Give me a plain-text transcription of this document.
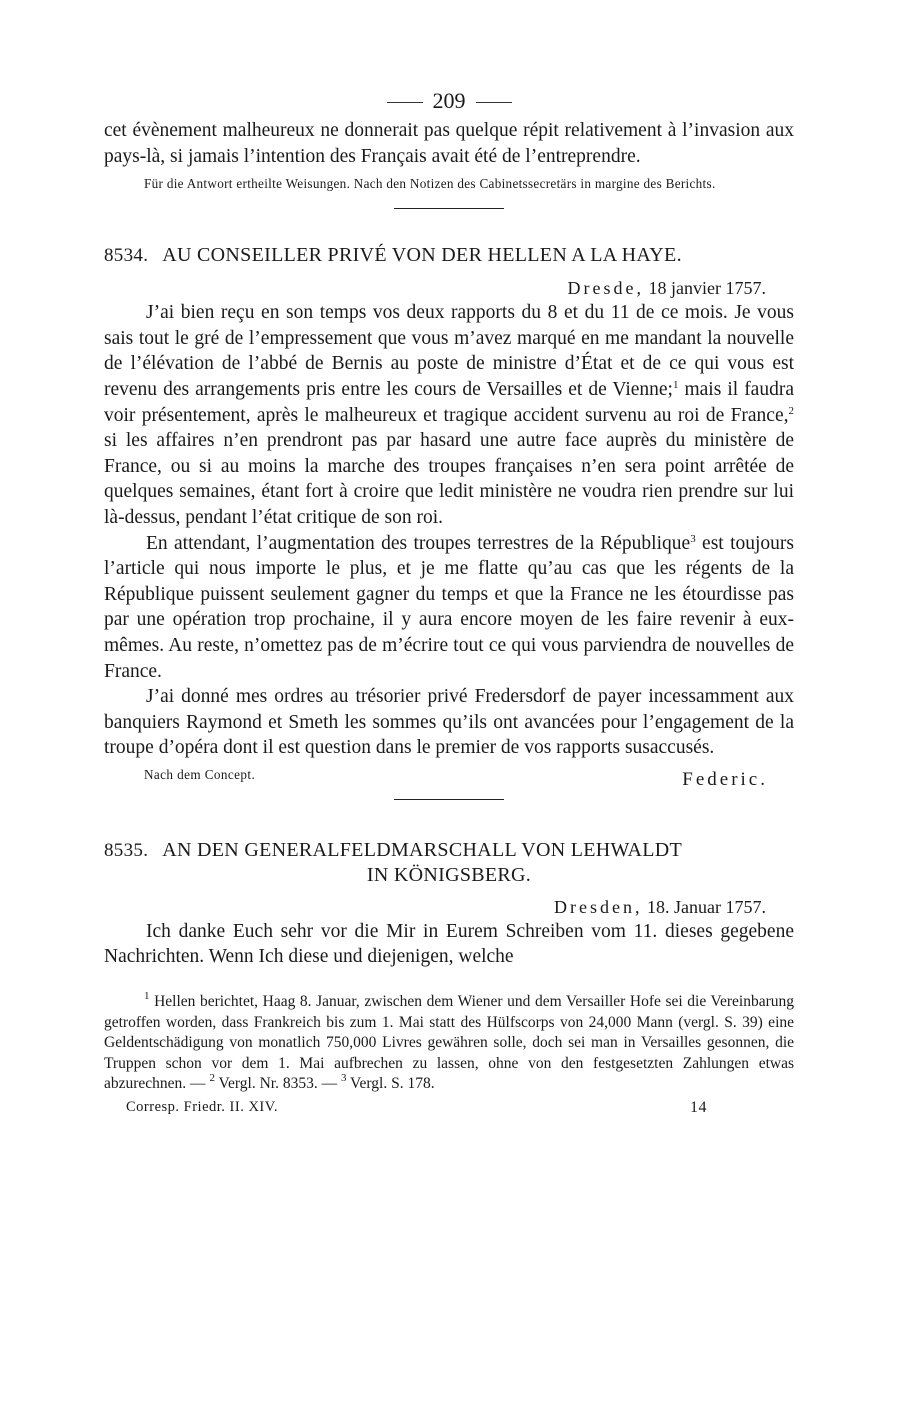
209

cet évènement malheureux ne donnerait pas quelque répit relativement à l’invasion aux pays-là, si jamais l’intention des Français avait été de l’entreprendre.

Für die Antwort ertheilte Weisungen. Nach den Notizen des Cabinetssecretärs in margine des Berichts.
8534. AU CONSEILLER PRIVÉ VON DER HELLEN A LA HAYE.
Dresde, 18 janvier 1757.

J’ai bien reçu en son temps vos deux rapports du 8 et du 11 de ce mois. Je vous sais tout le gré de l’empressement que vous m’avez marqué en me mandant la nouvelle de l’élévation de l’abbé de Bernis au poste de ministre d’État et de ce qui vous est revenu des arrangements pris entre les cours de Versailles et de Vienne;$^1$ mais il faudra voir présentement, après le malheureux et tragique accident survenu au roi de France,$^2$ si les affaires n’en prendront pas par hasard une autre face auprès du ministère de France, ou si au moins la marche des troupes françaises n’en sera point arrêtée de quelques semaines, étant fort à croire que ledit ministère ne voudra rien prendre sur lui là-dessus, pendant l’état critique de son roi.

En attendant, l’augmentation des troupes terrestres de la République$^3$ est toujours l’article qui nous importe le plus, et je me flatte qu’au cas que les régents de la République puissent seulement gagner du temps et que la France ne les étourdisse pas par une opération trop prochaine, il y aura encore moyen de les faire revenir à eux-mêmes. Au reste, n’omettez pas de m’écrire tout ce qui vous parviendra de nouvelles de France.

J’ai donné mes ordres au trésorier privé Fredersdorf de payer incessamment aux banquiers Raymond et Smeth les sommes qu’ils ont avancées pour l’engagement de la troupe d’opéra dont il est question dans le premier de vos rapports susaccusés.

Federic.
Nach dem Concept.
8535. AN DEN GENERALFELDMARSCHALL VON LEHWALDT
IN KÖNIGSBERG.
Dresden, 18. Januar 1757.

Ich danke Euch sehr vor die Mir in Eurem Schreiben vom 11. dieses gegebene Nachrichten. Wenn Ich diese und diejenigen, welche

$^1$ Hellen berichtet, Haag 8. Januar, zwischen dem Wiener und dem Versailler Hofe sei die Vereinbarung getroffen worden, dass Frankreich bis zum 1. Mai statt des Hülfscorps von 24,000 Mann (vergl. S. 39) eine Geldentschädigung von monatlich 750,000 Livres gewähren solle, doch sei man in Versailles gesonnen, die Truppen schon vor dem 1. Mai aufbrechen zu lassen, ohne von den festgesetzten Zahlungen etwas abzurechnen. — $^2$ Vergl. Nr. 8353. — $^3$ Vergl. S. 178.

Corresp. Friedr. II. XIV.	14
